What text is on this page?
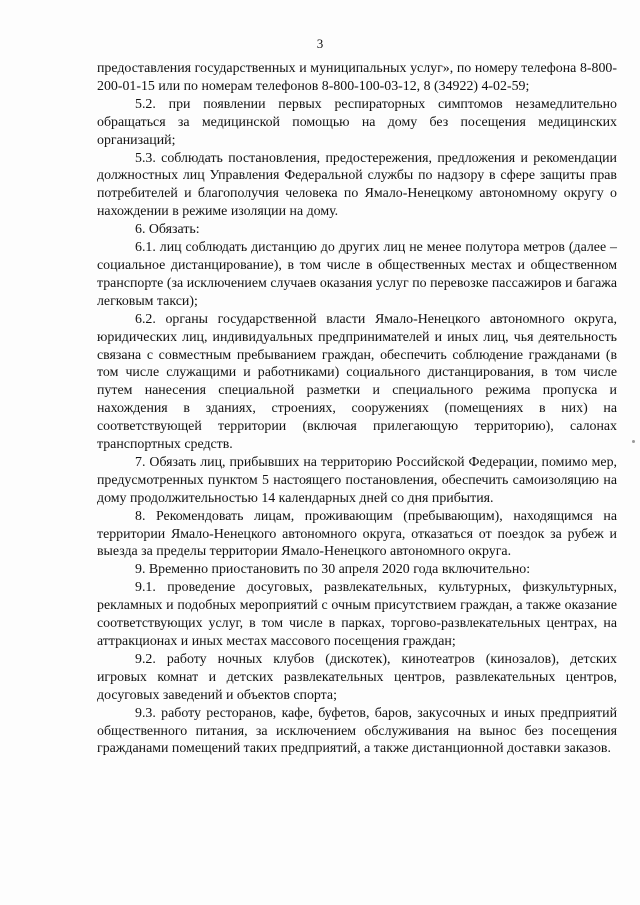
3

предоставления государственных и муниципальных услуг», по номеру телефона 8-800-200-01-15 или по номерам телефонов 8-800-100-03-12, 8 (34922) 4-02-59;

5.2. при появлении первых респираторных симптомов незамедлительно обращаться за медицинской помощью на дому без посещения медицинских организаций;

5.3. соблюдать постановления, предостережения, предложения и рекомендации должностных лиц Управления Федеральной службы по надзору в сфере защиты прав потребителей и благополучия человека по Ямало-Ненецкому автономному округу о нахождении в режиме изоляции на дому.

6. Обязать:

6.1. лиц соблюдать дистанцию до других лиц не менее полутора метров (далее – социальное дистанцирование), в том числе в общественных местах и общественном транспорте (за исключением случаев оказания услуг по перевозке пассажиров и багажа легковым такси);

6.2. органы государственной власти Ямало-Ненецкого автономного округа, юридических лиц, индивидуальных предпринимателей и иных лиц, чья деятельность связана с совместным пребыванием граждан, обеспечить соблюдение гражданами (в том числе служащими и работниками) социального дистанцирования, в том числе путем нанесения специальной разметки и специального режима пропуска и нахождения в зданиях, строениях, сооружениях (помещениях в них) на соответствующей территории (включая прилегающую территорию), салонах транспортных средств.

7. Обязать лиц, прибывших на территорию Российской Федерации, помимо мер, предусмотренных пунктом 5 настоящего постановления, обеспечить самоизоляцию на дому продолжительностью 14 календарных дней со дня прибытия.

8. Рекомендовать лицам, проживающим (пребывающим), находящимся на территории Ямало-Ненецкого автономного округа, отказаться от поездок за рубеж и выезда за пределы территории Ямало-Ненецкого автономного округа.

9. Временно приостановить по 30 апреля 2020 года включительно:

9.1. проведение досуговых, развлекательных, культурных, физкультурных, рекламных и подобных мероприятий с очным присутствием граждан, а также оказание соответствующих услуг, в том числе в парках, торгово-развлекательных центрах, на аттракционах и иных местах массового посещения граждан;

9.2. работу ночных клубов (дискотек), кинотеатров (кинозалов), детских игровых комнат и детских развлекательных центров, развлекательных центров, досуговых заведений и объектов спорта;

9.3. работу ресторанов, кафе, буфетов, баров, закусочных и иных предприятий общественного питания, за исключением обслуживания на вынос без посещения гражданами помещений таких предприятий, а также дистанционной доставки заказов.
